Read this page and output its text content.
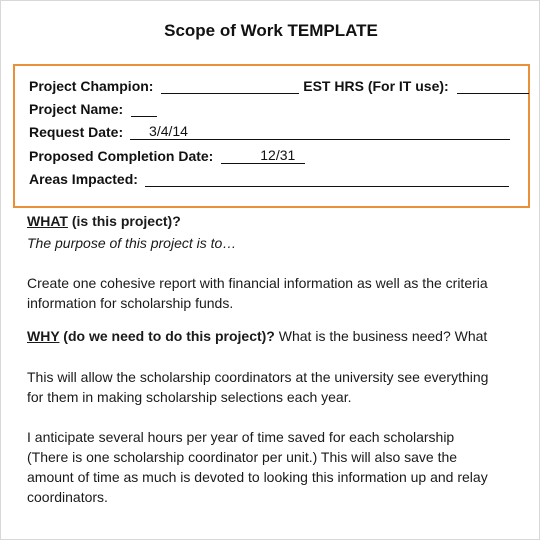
Scope of Work TEMPLATE
Project Champion:	EST HRS (For IT use):
Project Name:
Request Date: 3/4/14
Proposed Completion Date:	12/31
Areas Impacted:
WHAT (is this project)?
The purpose of this project is to…
Create one cohesive report with financial information as well as the criteria
information for scholarship funds.
WHY (do we need to do this project)? What is the business need? What
This will allow the scholarship coordinators at the university see everything
for them in making scholarship selections each year.
I anticipate several hours per year of time saved for each scholarship
(There is one scholarship coordinator per unit.) This will also save the
amount of time as much is devoted to looking this information up and relay
coordinators.
